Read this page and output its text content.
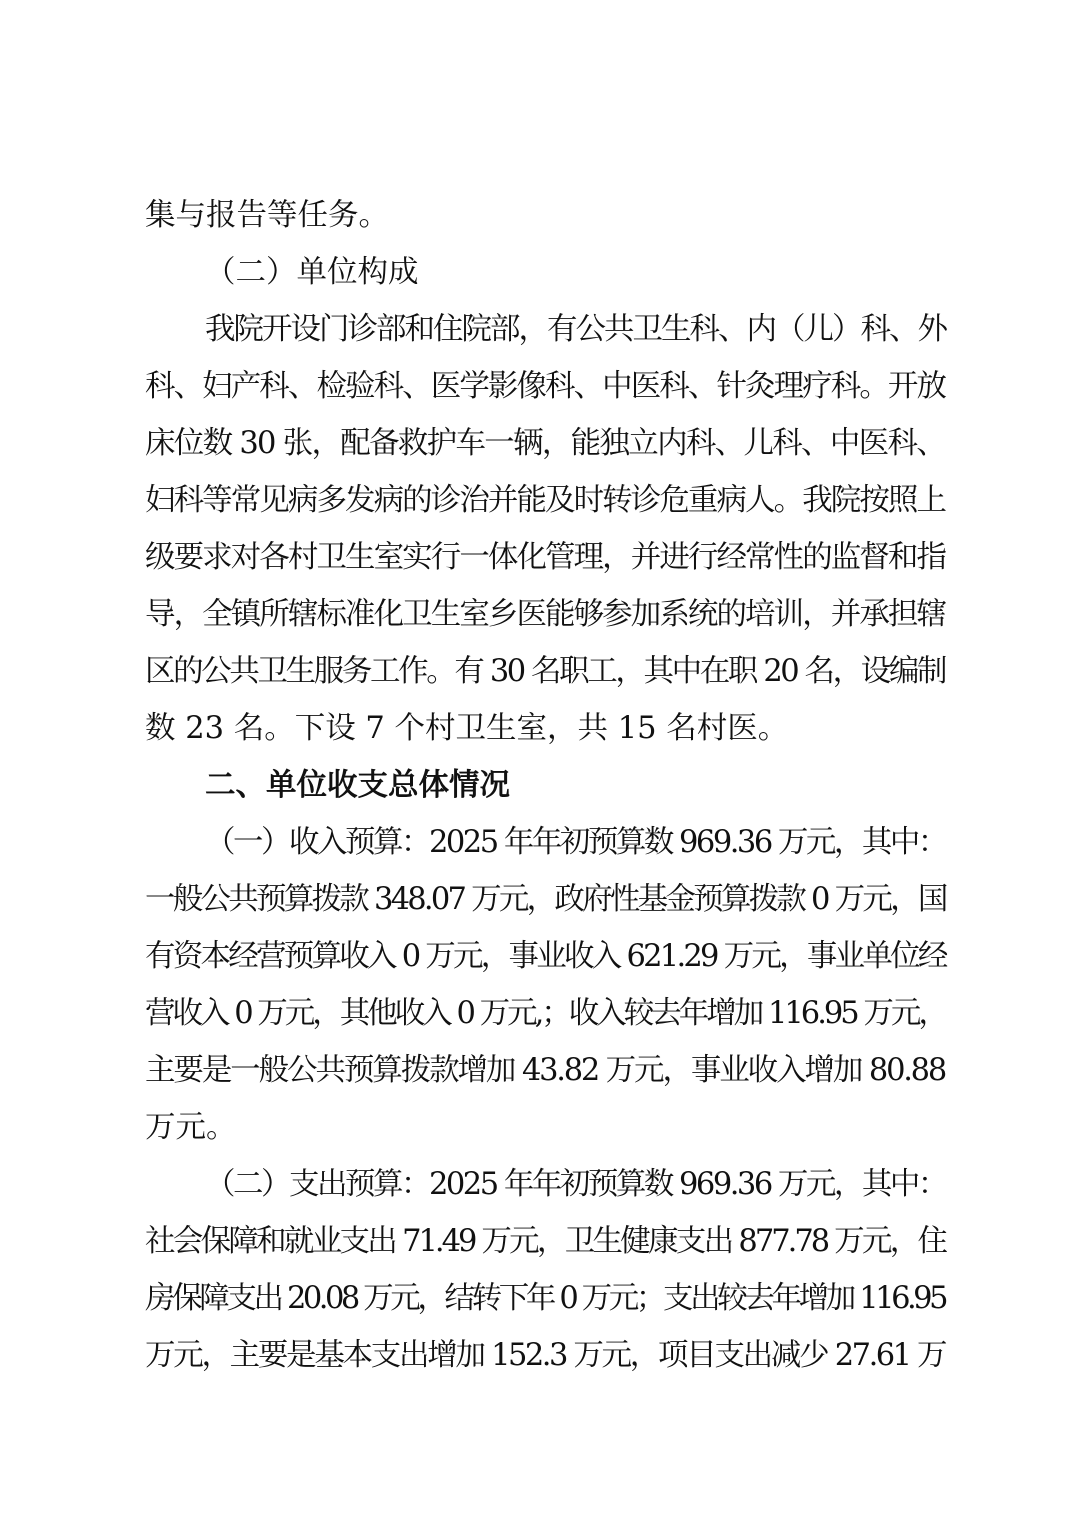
集与报告等任务。
（二）单位构成
我院开设门诊部和住院部，有公共卫生科、内（儿）科、外
科、妇产科、检验科、医学影像科、中医科、针灸理疗科。开放
床位数 30 张，配备救护车一辆，能独立内科、儿科、中医科、
妇科等常见病多发病的诊治并能及时转诊危重病人。我院按照上
级要求对各村卫生室实行一体化管理，并进行经常性的监督和指
导，全镇所辖标准化卫生室乡医能够参加系统的培训，并承担辖
区的公共卫生服务工作。有 30 名职工，其中在职 20 名，设编制
数 23 名。下设 7 个村卫生室，共 15 名村医。
二、单位收支总体情况
（一）收入预算：2025 年年初预算数 969.36 万元，其中：
一般公共预算拨款 348.07 万元，政府性基金预算拨款 0 万元，国
有资本经营预算收入 0 万元，事业收入 621.29 万元，事业单位经
营收入 0 万元，其他收入 0 万元,；收入较去年增加 116.95 万元，
主要是一般公共预算拨款增加 43.82 万元，事业收入增加 80.88
万元。
（二）支出预算：2025 年年初预算数 969.36 万元，其中：
社会保障和就业支出 71.49 万元，卫生健康支出 877.78 万元，住
房保障支出 20.08 万元，结转下年 0 万元；支出较去年增加 116.95
万元，主要是基本支出增加 152.3 万元，项目支出减少 27.61 万
